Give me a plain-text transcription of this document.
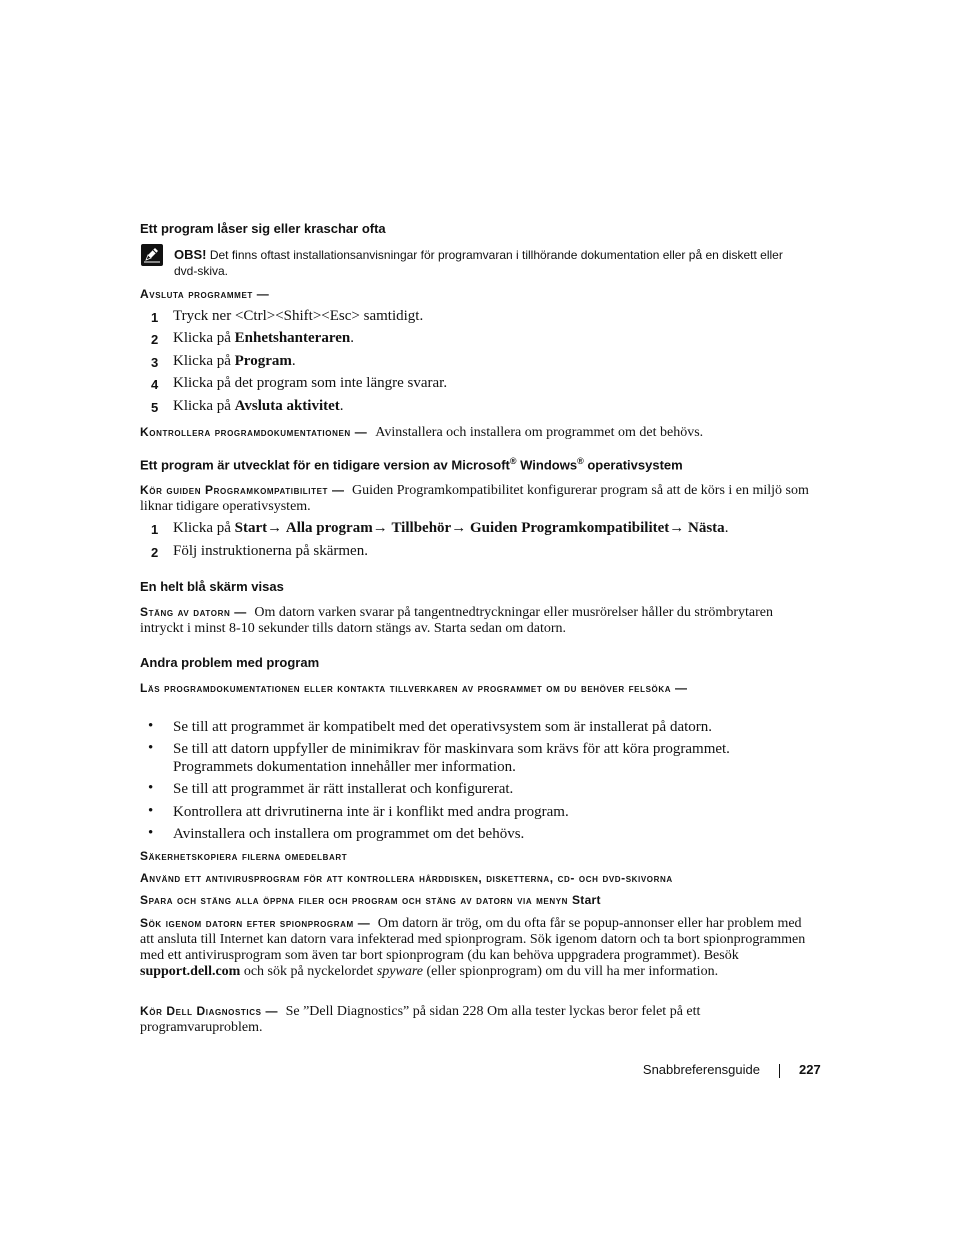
Ett program låser sig eller kraschar ofta
OBS! Det finns oftast installationsanvisningar för programvaran i tillhörande dokumentation eller på en diskett eller dvd-skiva.
Avsluta programmet —
1 Tryck ner <Ctrl><Shift><Esc> samtidigt.
2 Klicka på Enhetshanteraren.
3 Klicka på Program.
4 Klicka på det program som inte längre svarar.
5 Klicka på Avsluta aktivitet.
Kontrollera programdokumentationen — Avinstallera och installera om programmet om det behövs.
Ett program är utvecklat för en tidigare version av Microsoft® Windows® operativsystem
Kör guiden Programkompatibilitet — Guiden Programkompatibilitet konfigurerar program så att de körs i en miljö som liknar tidigare operativsystem.
1 Klicka på Start→ Alla program→ Tillbehör→ Guiden Programkompatibilitet→ Nästa.
2 Följ instruktionerna på skärmen.
En helt blå skärm visas
Stäng av datorn — Om datorn varken svarar på tangentnedtryckningar eller musrörelser håller du strömbrytaren intryckt i minst 8-10 sekunder tills datorn stängs av. Starta sedan om datorn.
Andra problem med program
Läs programdokumentationen eller kontakta tillverkaren av programmet om du behöver felsöka —
• Se till att programmet är kompatibelt med det operativsystem som är installerat på datorn.
• Se till att datorn uppfyller de minimikrav för maskinvara som krävs för att köra programmet. Programmets dokumentation innehåller mer information.
• Se till att programmet är rätt installerat och konfigurerat.
• Kontrollera att drivrutinerna inte är i konflikt med andra program.
• Avinstallera och installera om programmet om det behövs.
Säkerhetskopiera filerna omedelbart
Använd ett antivirusprogram för att kontrollera hårddisken, disketterna, cd- och dvd-skivorna
Spara och stäng alla öppna filer och program och stäng av datorn via menyn Start
Sök igenom datorn efter spionprogram — Om datorn är trög, om du ofta får se popup-annonser eller har problem med att ansluta till Internet kan datorn vara infekterad med spionprogram. Sök igenom datorn och ta bort spionprogrammen med ett antivirusprogram som även tar bort spionprogram (du kan behöva uppgradera programmet). Besök support.dell.com och sök på nyckelordet spyware (eller spionprogram) om du vill ha mer information.
Kör Dell Diagnostics — Se ”Dell Diagnostics” på sidan 228 Om alla tester lyckas beror felet på ett programvaruproblem.
Snabbreferensguide	227
